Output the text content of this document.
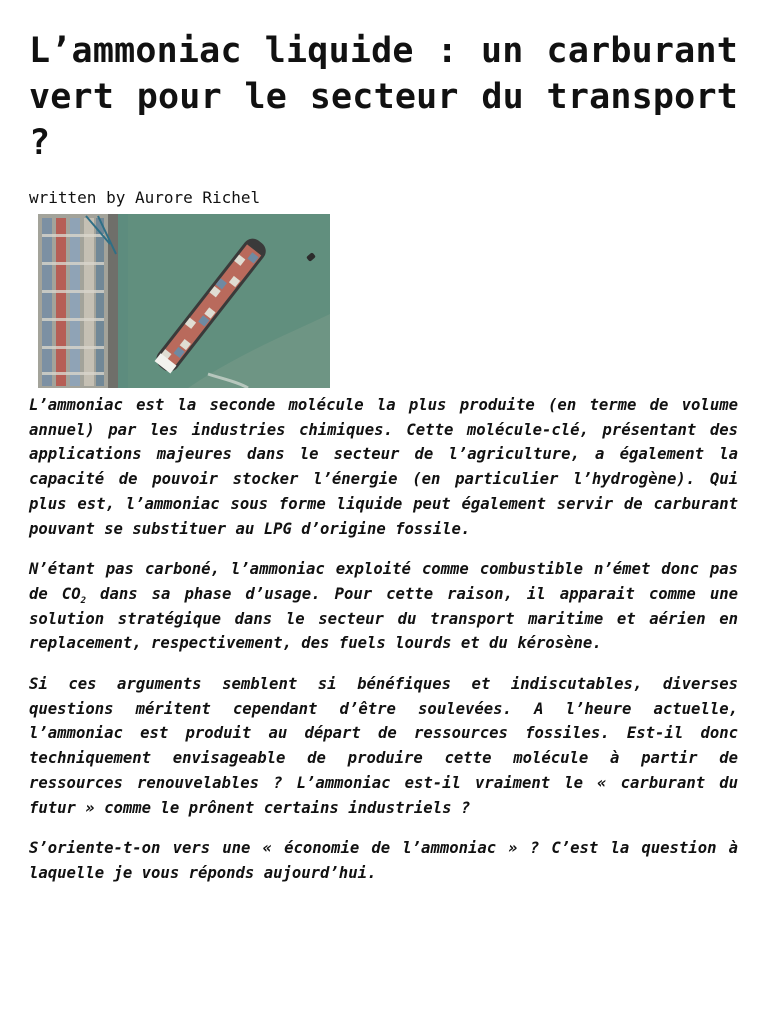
L’ammoniac liquide : un carburant vert pour le secteur du transport ?
written by Aurore Richel

L’ammoniac est la seconde molécule la plus produite (en terme de volume annuel) par les industries chimiques. Cette molécule-clé, présentant des applications majeures dans le secteur de l’agriculture, a également la capacité de pouvoir stocker l’énergie (en particulier l’hydrogène). Qui plus est, l’ammoniac sous forme liquide peut également servir de carburant pouvant se substituer au LPG d’origine fossile.

N’étant pas carboné, l’ammoniac exploité comme combustible n’émet donc pas de $CO_2$ dans sa phase d’usage. Pour cette raison, il apparait comme une solution stratégique dans le secteur du transport maritime et aérien en replacement, respectivement, des fuels lourds et du kérosène.

Si ces arguments semblent si bénéfiques et indiscutables, diverses questions méritent cependant d’être soulevées. A l’heure actuelle, l’ammoniac est produit au départ de ressources fossiles. Est-il donc techniquement envisageable de produire cette molécule à partir de ressources renouvelables ? L’ammoniac est-il vraiment le « carburant du futur » comme le prônent certains industriels ?

S’oriente-t-on vers une « économie de l’ammoniac » ? C’est la question à laquelle je vous réponds aujourd’hui.
